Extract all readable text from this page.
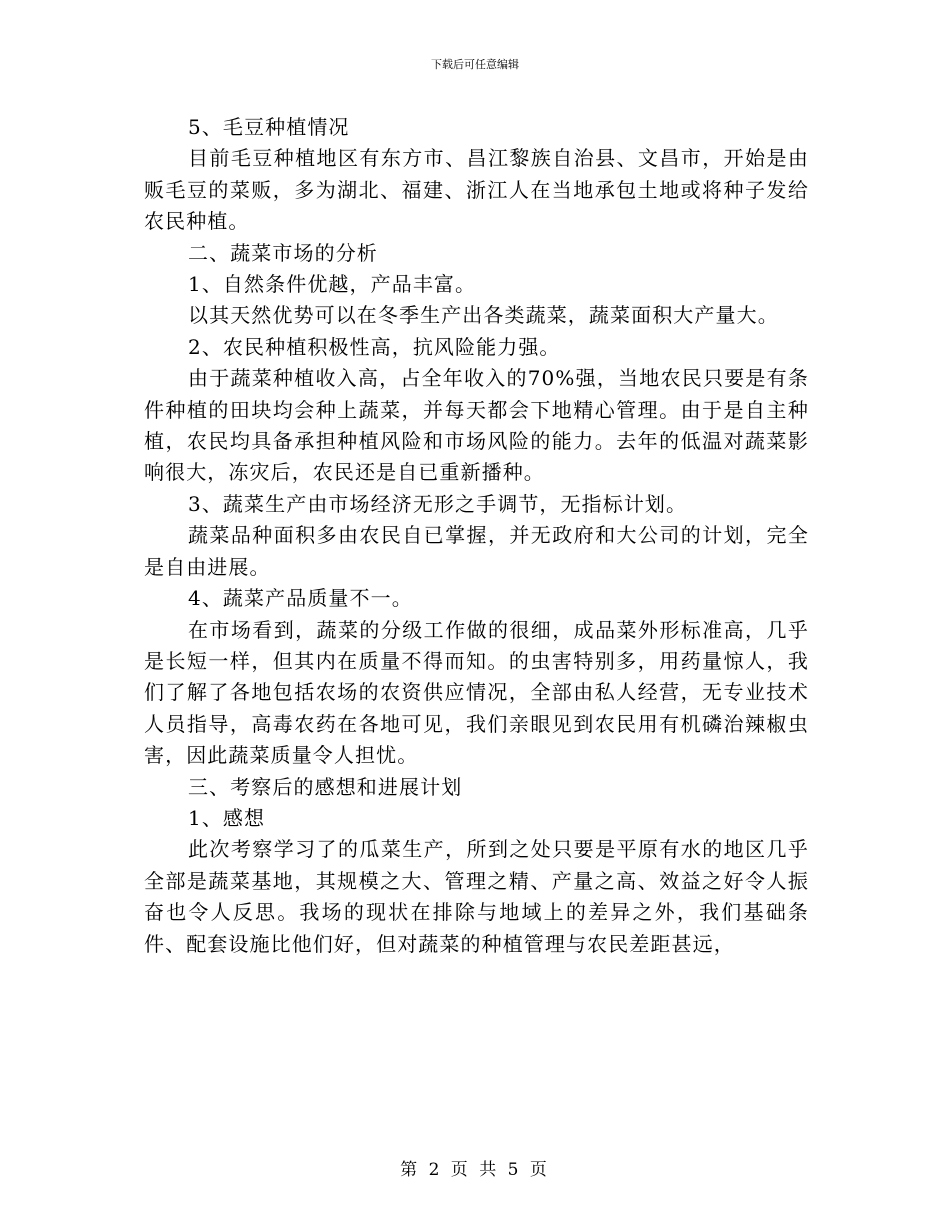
下载后可任意编辑

5、毛豆种植情况

目前毛豆种植地区有东方市、昌江黎族自治县、文昌市，开始是由贩毛豆的菜贩，多为湖北、福建、浙江人在当地承包土地或将种子发给农民种植。

二、蔬菜市场的分析

1、自然条件优越，产品丰富。

以其天然优势可以在冬季生产出各类蔬菜，蔬菜面积大产量大。

2、农民种植积极性高，抗风险能力强。

由于蔬菜种植收入高，占全年收入的70%强，当地农民只要是有条件种植的田块均会种上蔬菜，并每天都会下地精心管理。由于是自主种植，农民均具备承担种植风险和市场风险的能力。去年的低温对蔬菜影响很大，冻灾后，农民还是自已重新播种。

3、蔬菜生产由市场经济无形之手调节，无指标计划。

蔬菜品种面积多由农民自已掌握，并无政府和大公司的计划，完全是自由进展。

4、蔬菜产品质量不一。

在市场看到，蔬菜的分级工作做的很细，成品菜外形标准高，几乎是长短一样，但其内在质量不得而知。的虫害特别多，用药量惊人，我们了解了各地包括农场的农资供应情况，全部由私人经营，无专业技术人员指导，高毒农药在各地可见，我们亲眼见到农民用有机磷治辣椒虫害，因此蔬菜质量令人担忧。

三、考察后的感想和进展计划

1、感想

此次考察学习了的瓜菜生产，所到之处只要是平原有水的地区几乎全部是蔬菜基地，其规模之大、管理之精、产量之高、效益之好令人振奋也令人反思。我场的现状在排除与地域上的差异之外，我们基础条件、配套设施比他们好，但对蔬菜的种植管理与农民差距甚远，

第 2 页 共 5 页
